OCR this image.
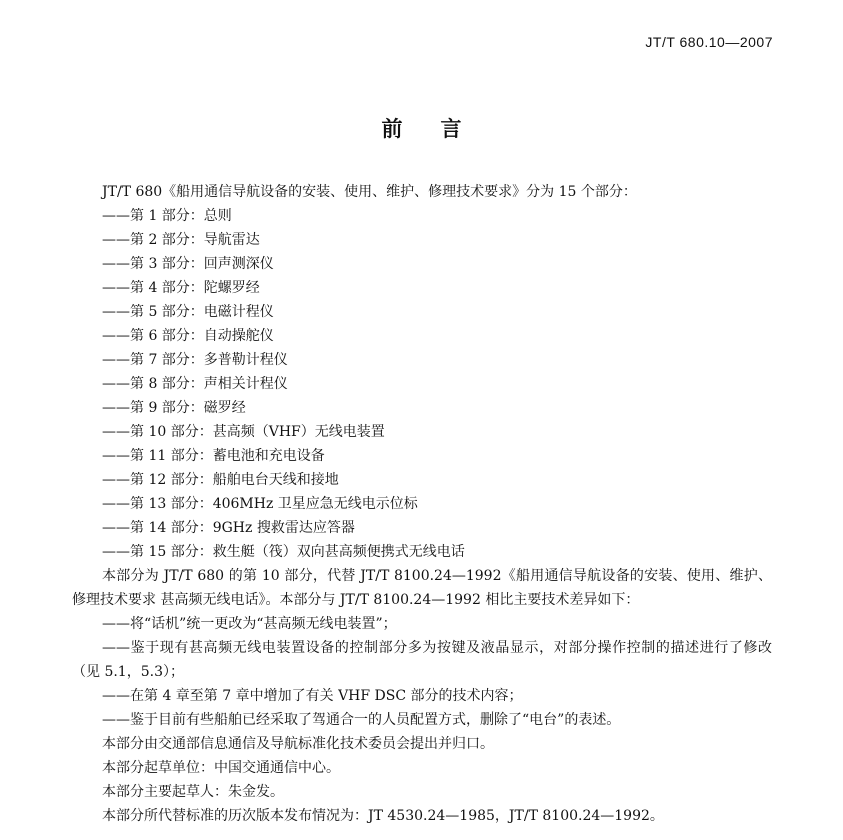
JT/T 680.10—2007
前言
JT/T 680《船用通信导航设备的安装、使用、维护、修理技术要求》分为 15 个部分：
——第 1 部分：总则
——第 2 部分：导航雷达
——第 3 部分：回声测深仪
——第 4 部分：陀螺罗经
——第 5 部分：电磁计程仪
——第 6 部分：自动操舵仪
——第 7 部分：多普勒计程仪
——第 8 部分：声相关计程仪
——第 9 部分：磁罗经
——第 10 部分：甚高频（VHF）无线电装置
——第 11 部分：蓄电池和充电设备
——第 12 部分：船舶电台天线和接地
——第 13 部分：406MHz 卫星应急无线电示位标
——第 14 部分：9GHz 搜救雷达应答器
——第 15 部分：救生艇（筏）双向甚高频便携式无线电话
本部分为 JT/T 680 的第 10 部分，代替 JT/T 8100.24—1992《船用通信导航设备的安装、使用、维护、修理技术要求 甚高频无线电话》。本部分与 JT/T 8100.24—1992 相比主要技术差异如下：
——将“话机”统一更改为“甚高频无线电装置”；
——鉴于现有甚高频无线电装置设备的控制部分多为按键及液晶显示，对部分操作控制的描述进行了修改（见 5.1，5.3）；
——在第 4 章至第 7 章中增加了有关 VHF DSC 部分的技术内容；
——鉴于目前有些船舶已经采取了驾通合一的人员配置方式，删除了“电台”的表述。
本部分由交通部信息通信及导航标准化技术委员会提出并归口。
本部分起草单位：中国交通通信中心。
本部分主要起草人：朱金发。
本部分所代替标准的历次版本发布情况为：JT 4530.24—1985，JT/T 8100.24—1992。
